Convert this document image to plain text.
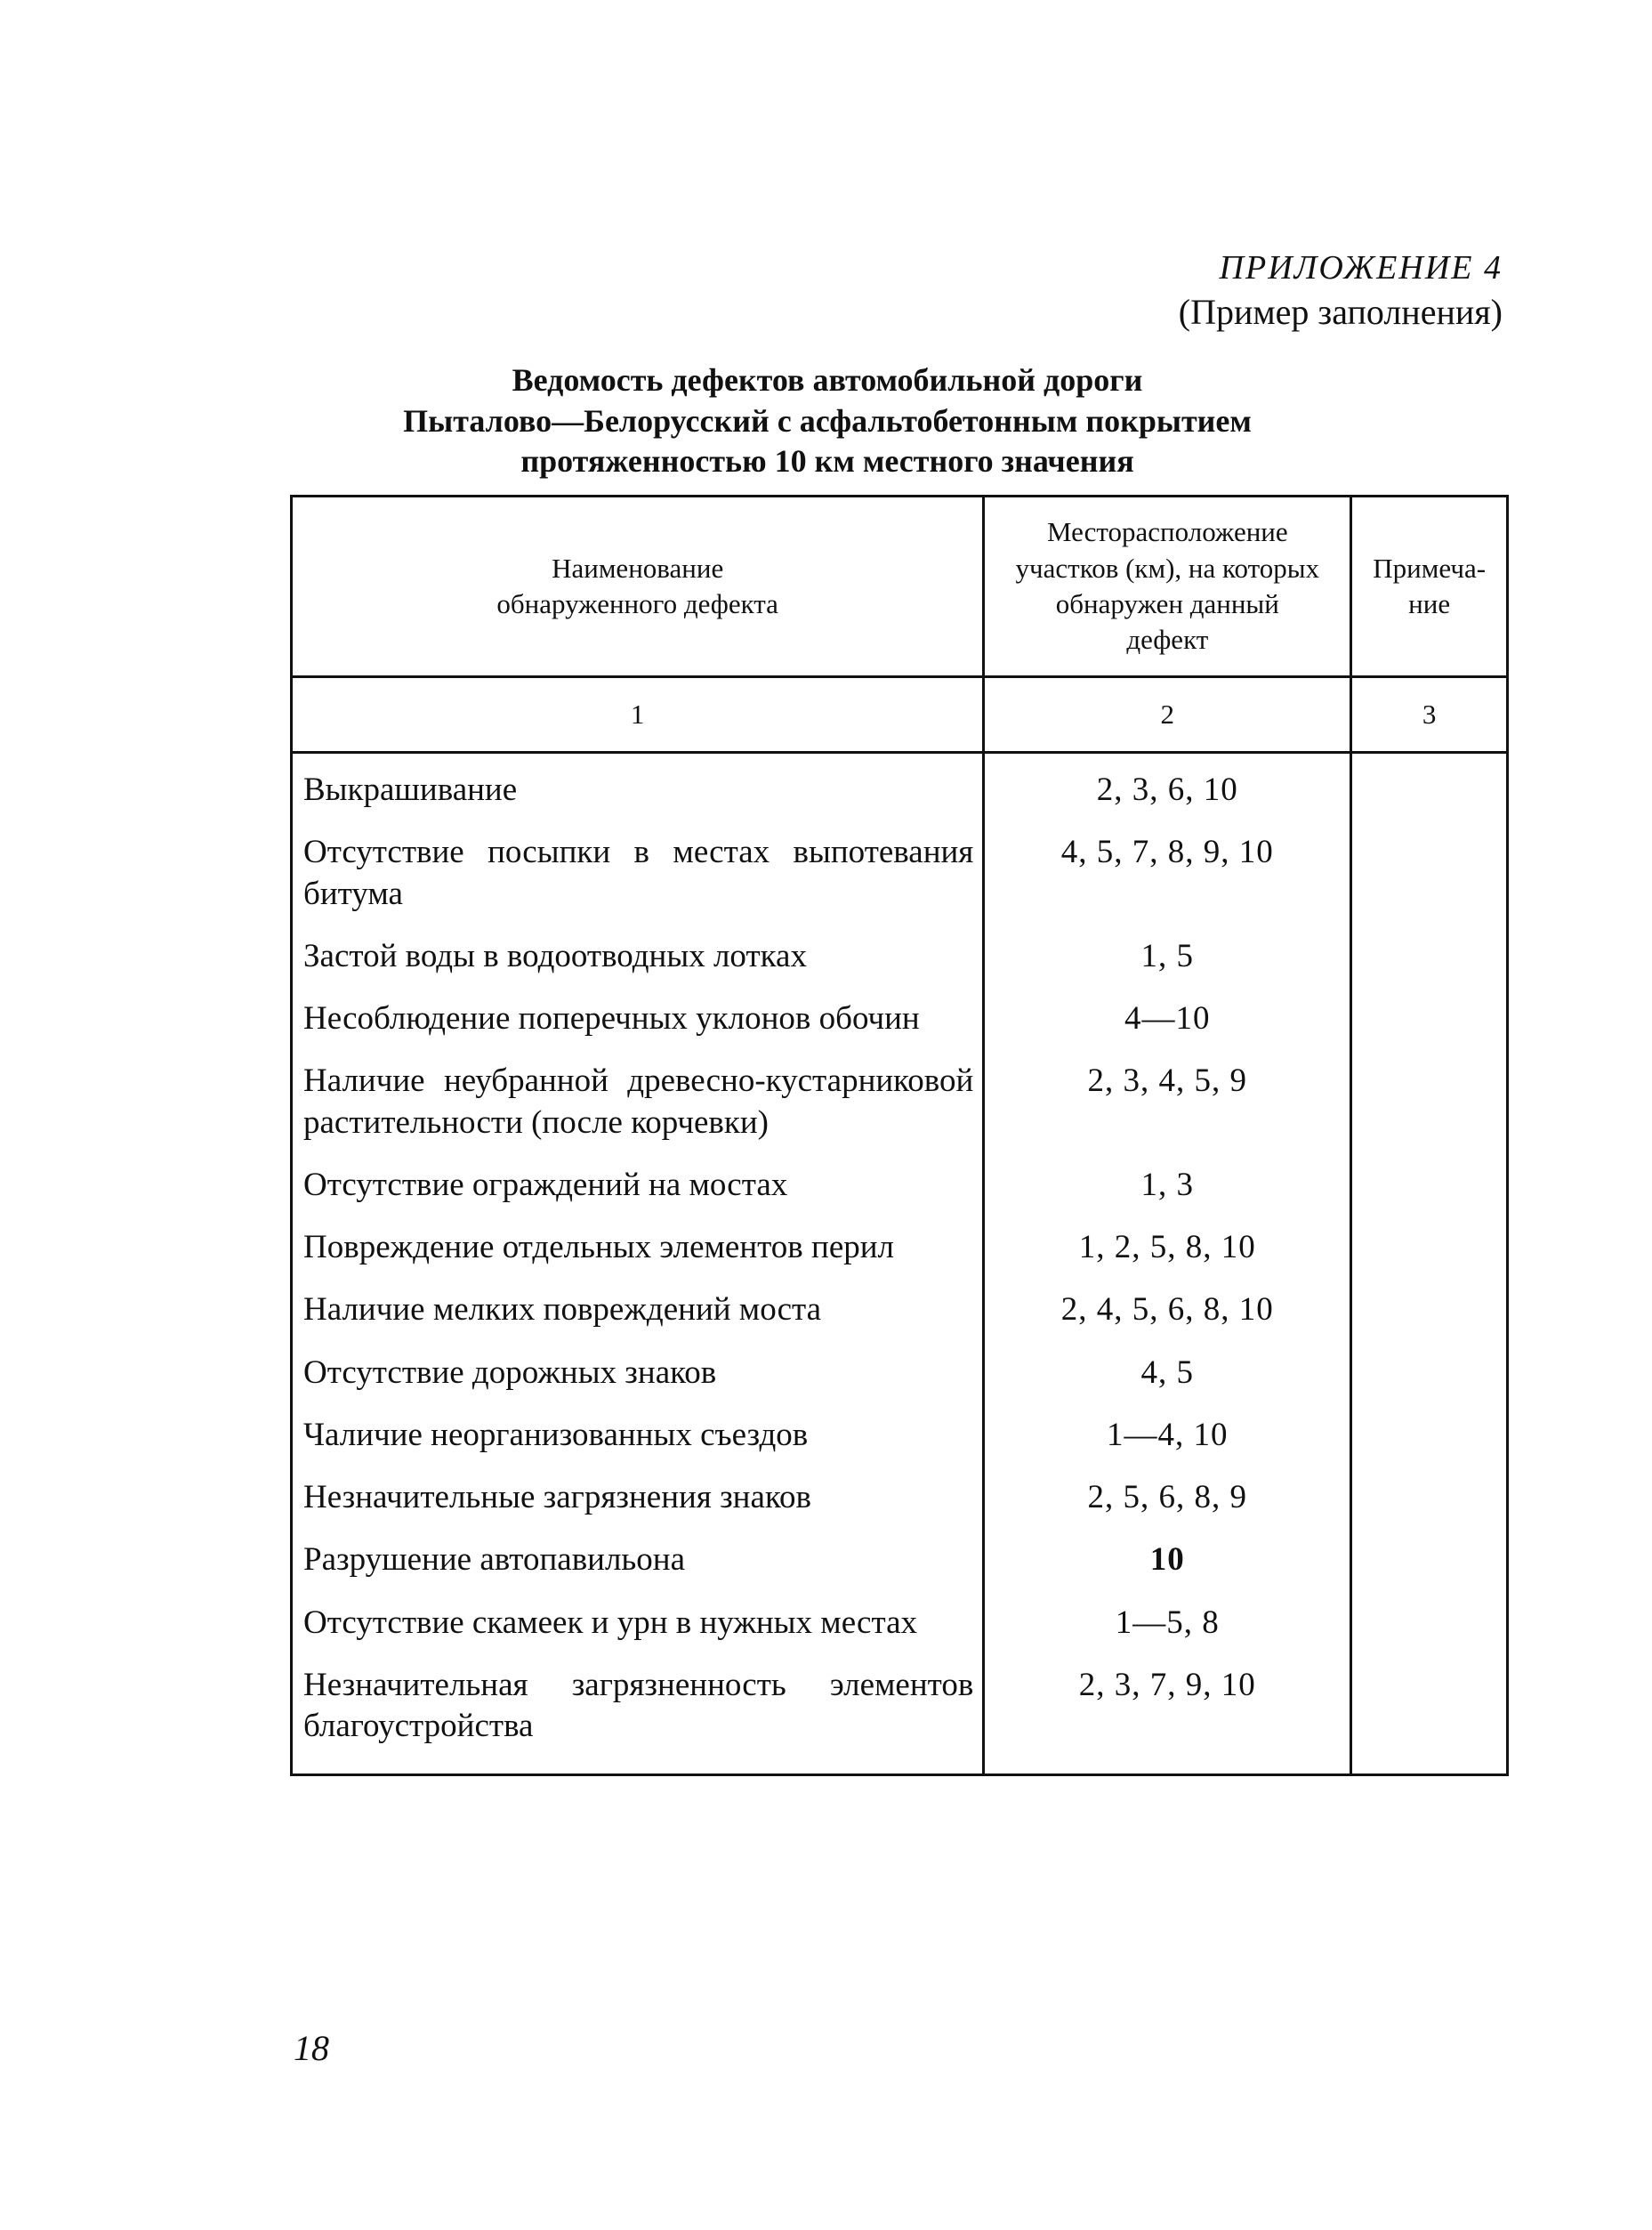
ПРИЛОЖЕНИЕ 4
(Пример заполнения)
Ведомость дефектов автомобильной дороги
Пыталово—Белорусский с асфальтобетонным покрытием
протяженностью 10 км местного значения
Наименование обнаруженного дефекта	Месторасположение участков (км), на которых обнаружен данный дефект	Примеча- ние
1	2	3
Выкрашивание	2, 3, 6, 10	
Отсутствие посыпки в местах выпотевания битума	4, 5, 7, 8, 9, 10	
Застой воды в водоотводных лотках	1, 5	
Несоблюдение поперечных уклонов обочин	4—10	
Наличие неубранной древесно-кустарниковой растительности (после корчевки)	2, 3, 4, 5, 9	
Отсутствие ограждений на мостах	1, 3	
Повреждение отдельных элементов перил	1, 2, 5, 8, 10	
Наличие мелких повреждений моста	2, 4, 5, 6, 8, 10	
Отсутствие дорожных знаков	4, 5	
Чаличие неорганизованных съездов	1—4, 10	
Незначительные загрязнения знаков	2, 5, 6, 8, 9	
Разрушение автопавильона	10	
Отсутствие скамеек и урн в нужных местах	1—5, 8	
Незначительная загрязненность элементов благоустройства	2, 3, 7, 9, 10	
18
